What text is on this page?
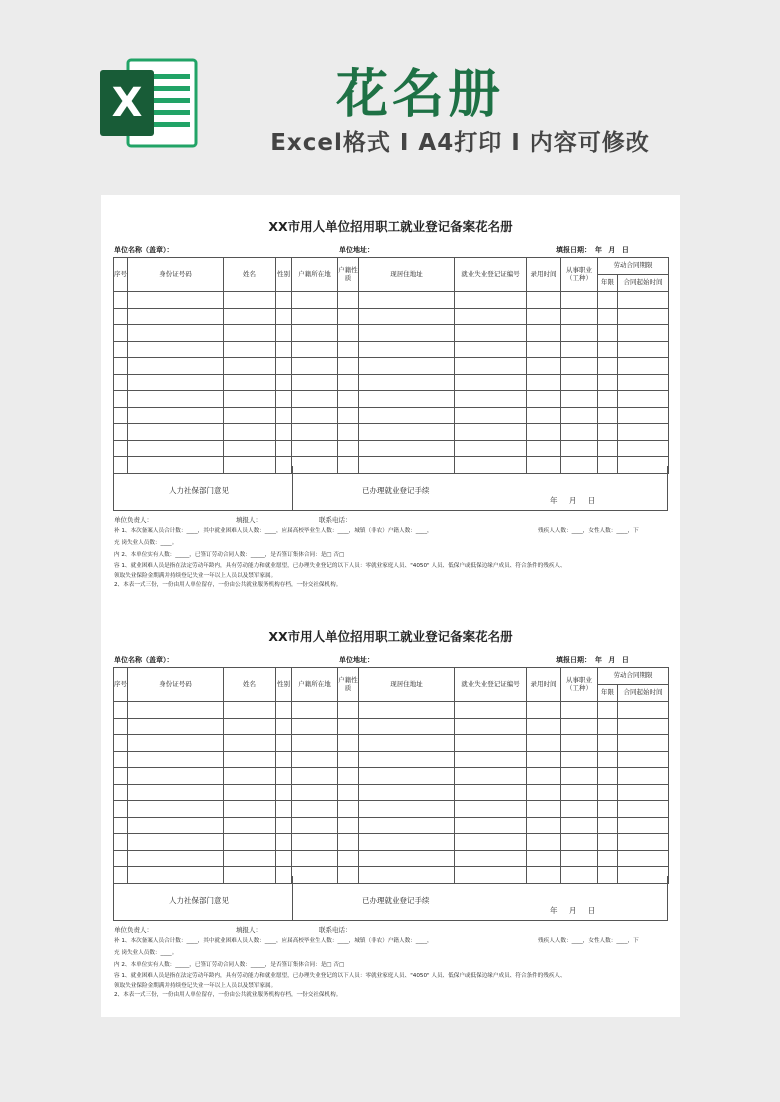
X	花名册
Excel格式 I A4打印 I 内容可修改
XX市用人单位招用职工就业登记备案花名册
单位名称（盖章）：	单位地址：	填报日期： 年 月 日
序号	身份证号码	姓名	性别	户籍所在地	户籍性质	现居住地址	就业失业登记证编号	录用时间	从事职业（工种）	劳动合同期限	
										年限	合同起始时间

人力社保部门意见	已办理就业登记手续
年 月 日
单位负责人：	填报人：	联系电话：
补 1、本次备案人员合计数：____，其中就业困难人员人数：____，应届高校毕业生人数：____，城镇（非农）户籍人数：____，	残疾人人数：____，女性人数：____，下
充 岗失业人员数：____。
内 2、本单位实有人数：_____，已签订劳动合同人数：_____，是否签订集体合同：是□ 否□
容 1、就业困难人员是指在法定劳动年龄内，具有劳动能力和就业愿望，已办理失业登记的以下人员：零就业家庭人员、"4050" 人员、低保户或低保边缘户成员、符合条件的残疾人、
领取失业保险金期满并持续登记失业一年以上人员以及禁军家属。
2、本表一式三份，一份由用人单位留存，一份由公共就业服务机构存档，一份交社保机构。
XX市用人单位招用职工就业登记备案花名册
单位名称（盖章）：	单位地址：	填报日期： 年 月 日
序号	身份证号码	姓名	性别	户籍所在地	户籍性质	现居住地址	就业失业登记证编号	录用时间	从事职业（工种）	劳动合同期限	
										年限	合同起始时间

人力社保部门意见	已办理就业登记手续
年 月 日
单位负责人：	填报人：	联系电话：
补 1、本次备案人员合计数：____，其中就业困难人员人数：____，应届高校毕业生人数：____，城镇（非农）户籍人数：____，	残疾人人数：____，女性人数：____，下
充 岗失业人员数：____。
内 2、本单位实有人数：_____，已签订劳动合同人数：_____，是否签订集体合同：是□ 否□
容 1、就业困难人员是指在法定劳动年龄内，具有劳动能力和就业愿望，已办理失业登记的以下人员：零就业家庭人员、"4050" 人员、低保户或低保边缘户成员、符合条件的残疾人、
领取失业保险金期满并持续登记失业一年以上人员以及禁军家属。
2、本表一式三份，一份由用人单位留存，一份由公共就业服务机构存档，一份交社保机构。
